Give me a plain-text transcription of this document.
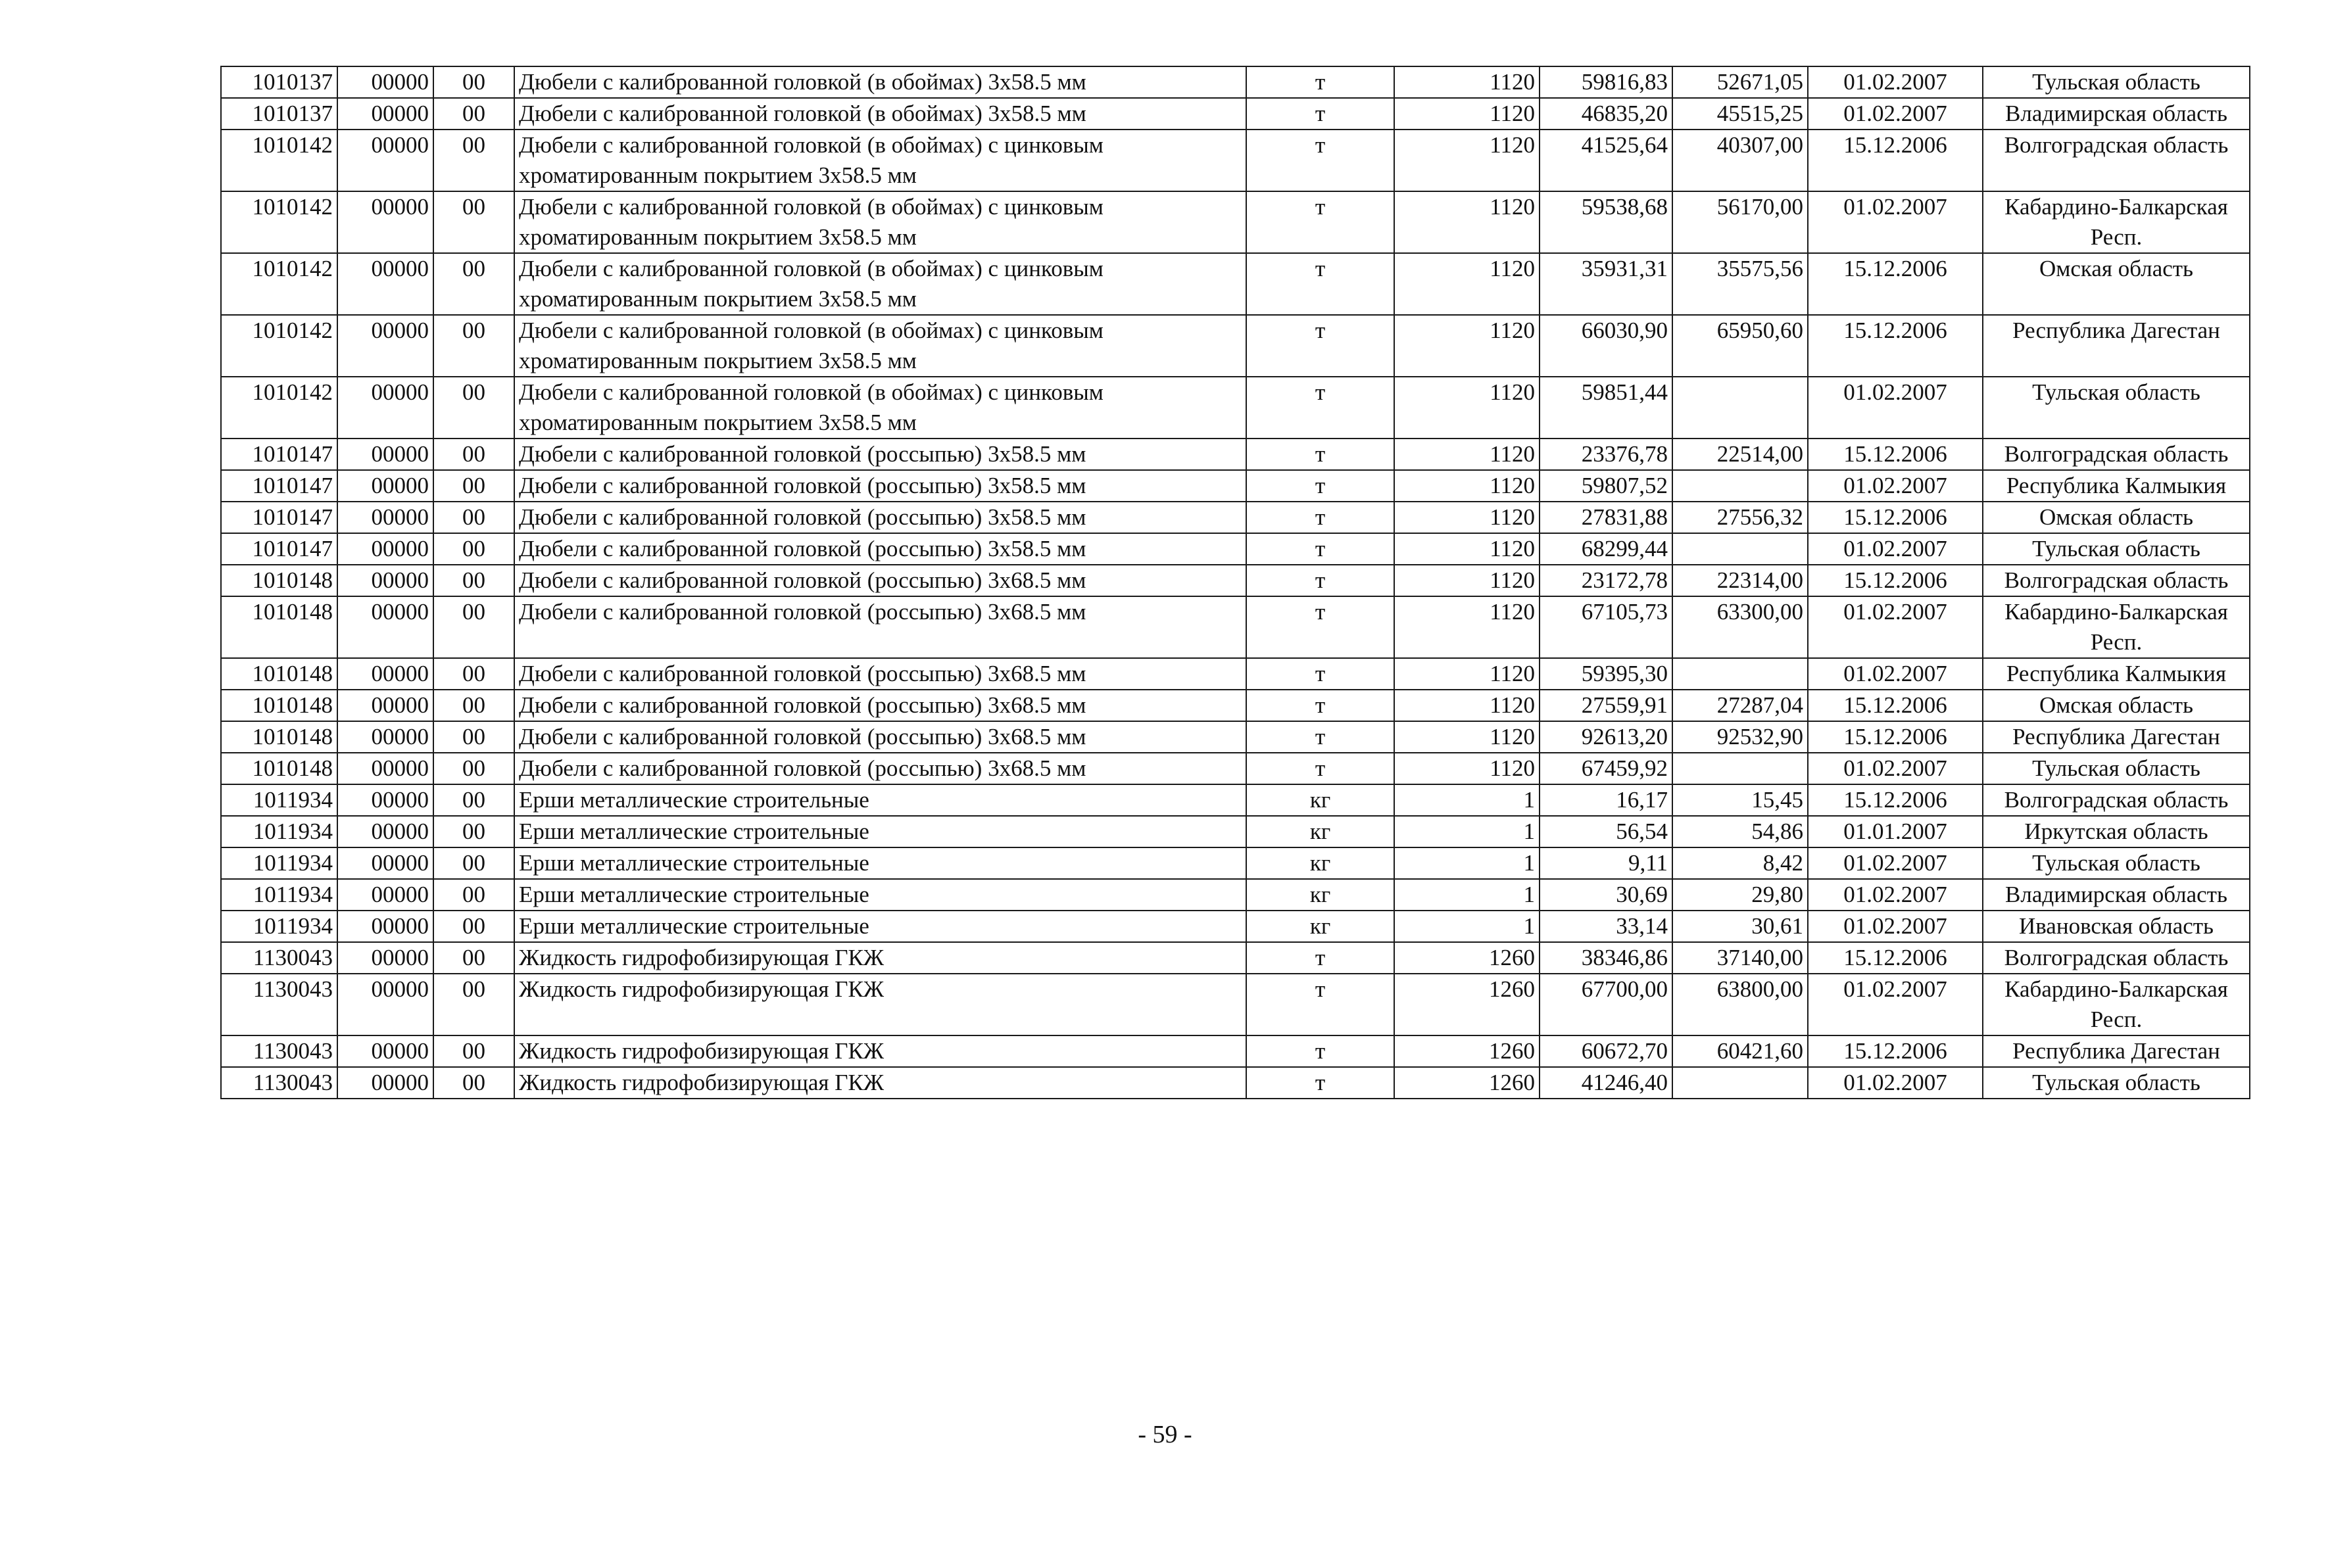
1010137	00000	00	Дюбели с калиброванной головкой (в обоймах) 3х58.5 мм	т	1120	59816,83	52671,05	01.02.2007	Тульская область
1010137	00000	00	Дюбели с калиброванной головкой (в обоймах) 3х58.5 мм	т	1120	46835,20	45515,25	01.02.2007	Владимирская область
1010142	00000	00	Дюбели с калиброванной головкой (в обоймах) с цинковым хроматированным покрытием 3х58.5 мм	т	1120	41525,64	40307,00	15.12.2006	Волгоградская область
1010142	00000	00	Дюбели с калиброванной головкой (в обоймах) с цинковым хроматированным покрытием 3х58.5 мм	т	1120	59538,68	56170,00	01.02.2007	Кабардино-Балкарская Респ.
1010142	00000	00	Дюбели с калиброванной головкой (в обоймах) с цинковым хроматированным покрытием 3х58.5 мм	т	1120	35931,31	35575,56	15.12.2006	Омская область
1010142	00000	00	Дюбели с калиброванной головкой (в обоймах) с цинковым хроматированным покрытием 3х58.5 мм	т	1120	66030,90	65950,60	15.12.2006	Республика Дагестан
1010142	00000	00	Дюбели с калиброванной головкой (в обоймах) с цинковым хроматированным покрытием 3х58.5 мм	т	1120	59851,44		01.02.2007	Тульская область
1010147	00000	00	Дюбели с калиброванной головкой (россыпью) 3х58.5 мм	т	1120	23376,78	22514,00	15.12.2006	Волгоградская область
1010147	00000	00	Дюбели с калиброванной головкой (россыпью) 3х58.5 мм	т	1120	59807,52		01.02.2007	Республика Калмыкия
1010147	00000	00	Дюбели с калиброванной головкой (россыпью) 3х58.5 мм	т	1120	27831,88	27556,32	15.12.2006	Омская область
1010147	00000	00	Дюбели с калиброванной головкой (россыпью) 3х58.5 мм	т	1120	68299,44		01.02.2007	Тульская область
1010148	00000	00	Дюбели с калиброванной головкой (россыпью) 3х68.5 мм	т	1120	23172,78	22314,00	15.12.2006	Волгоградская область
1010148	00000	00	Дюбели с калиброванной головкой (россыпью) 3х68.5 мм	т	1120	67105,73	63300,00	01.02.2007	Кабардино-Балкарская Респ.
1010148	00000	00	Дюбели с калиброванной головкой (россыпью) 3х68.5 мм	т	1120	59395,30		01.02.2007	Республика Калмыкия
1010148	00000	00	Дюбели с калиброванной головкой (россыпью) 3х68.5 мм	т	1120	27559,91	27287,04	15.12.2006	Омская область
1010148	00000	00	Дюбели с калиброванной головкой (россыпью) 3х68.5 мм	т	1120	92613,20	92532,90	15.12.2006	Республика Дагестан
1010148	00000	00	Дюбели с калиброванной головкой (россыпью) 3х68.5 мм	т	1120	67459,92		01.02.2007	Тульская область
1011934	00000	00	Ерши металлические строительные	кг	1	16,17	15,45	15.12.2006	Волгоградская область
1011934	00000	00	Ерши металлические строительные	кг	1	56,54	54,86	01.01.2007	Иркутская область
1011934	00000	00	Ерши металлические строительные	кг	1	9,11	8,42	01.02.2007	Тульская область
1011934	00000	00	Ерши металлические строительные	кг	1	30,69	29,80	01.02.2007	Владимирская область
1011934	00000	00	Ерши металлические строительные	кг	1	33,14	30,61	01.02.2007	Ивановская область
1130043	00000	00	Жидкость гидрофобизирующая ГКЖ	т	1260	38346,86	37140,00	15.12.2006	Волгоградская область
1130043	00000	00	Жидкость гидрофобизирующая ГКЖ	т	1260	67700,00	63800,00	01.02.2007	Кабардино-Балкарская Респ.
1130043	00000	00	Жидкость гидрофобизирующая ГКЖ	т	1260	60672,70	60421,60	15.12.2006	Республика Дагестан
1130043	00000	00	Жидкость гидрофобизирующая ГКЖ	т	1260	41246,40		01.02.2007	Тульская область
- 59 -
